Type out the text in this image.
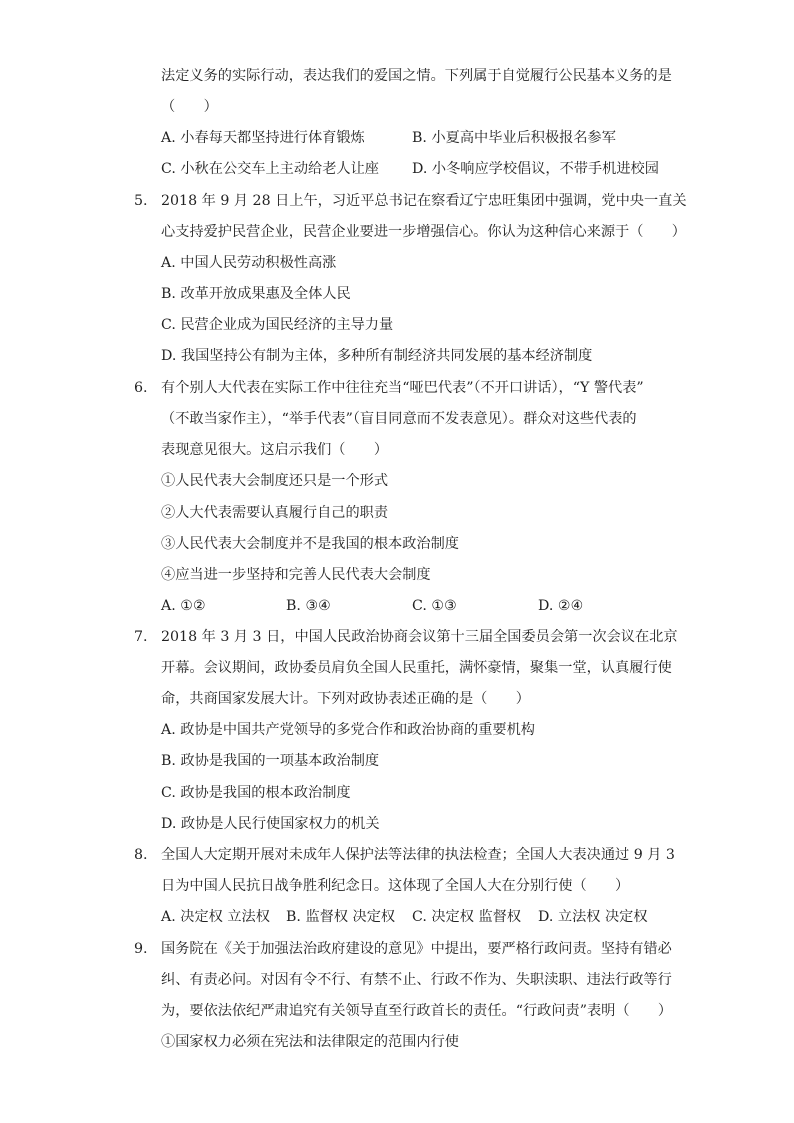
法定义务的实际行动，表达我们的爱国之情。下列属于自觉履行公民基本义务的是
（　　）
A. 小春每天都坚持进行体育锻炼	B. 小夏高中毕业后积极报名参军
C. 小秋在公交车上主动给老人让座 D. 小冬响应学校倡议，不带手机进校园
5. 2018 年 9 月 28 日上午，习近平总书记在察看辽宁忠旺集团中强调，党中央一直关
心支持爱护民营企业，民营企业要进一步增强信心。你认为这种信心来源于（　　）
A. 中国人民劳动积极性高涨
B. 改革开放成果惠及全体人民
C. 民营企业成为国民经济的主导力量
D. 我国坚持公有制为主体，多种所有制经济共同发展的基本经济制度
6. 有个别人大代表在实际工作中往往充当“哑巴代表”（不开口讲话），“Y 警代表”
（不敢当家作主），“举手代表”（盲目同意而不发表意见）。群众对这些代表的
表现意见很大。这启示我们（　　）
①人民代表大会制度还只是一个形式
②人大代表需要认真履行自己的职责
③人民代表大会制度并不是我国的根本政治制度
④应当进一步坚持和完善人民代表大会制度
A. ①②	B. ③④	C. ①③	D. ②④
7. 2018 年 3 月 3 日，中国人民政治协商会议第十三届全国委员会第一次会议在北京
开幕。会议期间，政协委员肩负全国人民重托，满怀豪情，聚集一堂，认真履行使
命，共商国家发展大计。下列对政协表述正确的是（　　）
A. 政协是中国共产党领导的多党合作和政治协商的重要机构
B. 政协是我国的一项基本政治制度
C. 政协是我国的根本政治制度
D. 政协是人民行使国家权力的机关
8. 全国人大定期开展对未成年人保护法等法律的执法检查；全国人大表决通过 9 月 3
日为中国人民抗日战争胜利纪念日。这体现了全国人大在分别行使（　　）
A. 决定权 立法权 B. 监督权 决定权 C. 决定权 监督权 D. 立法权 决定权
9. 国务院在《关于加强法治政府建设的意见》中提出，要严格行政问责。坚持有错必
纠、有责必问。对因有令不行、有禁不止、行政不作为、失职渎职、违法行政等行
为，要依法依纪严肃追究有关领导直至行政首长的责任。“行政问责”表明（　　）
①国家权力必须在宪法和法律限定的范围内行使
